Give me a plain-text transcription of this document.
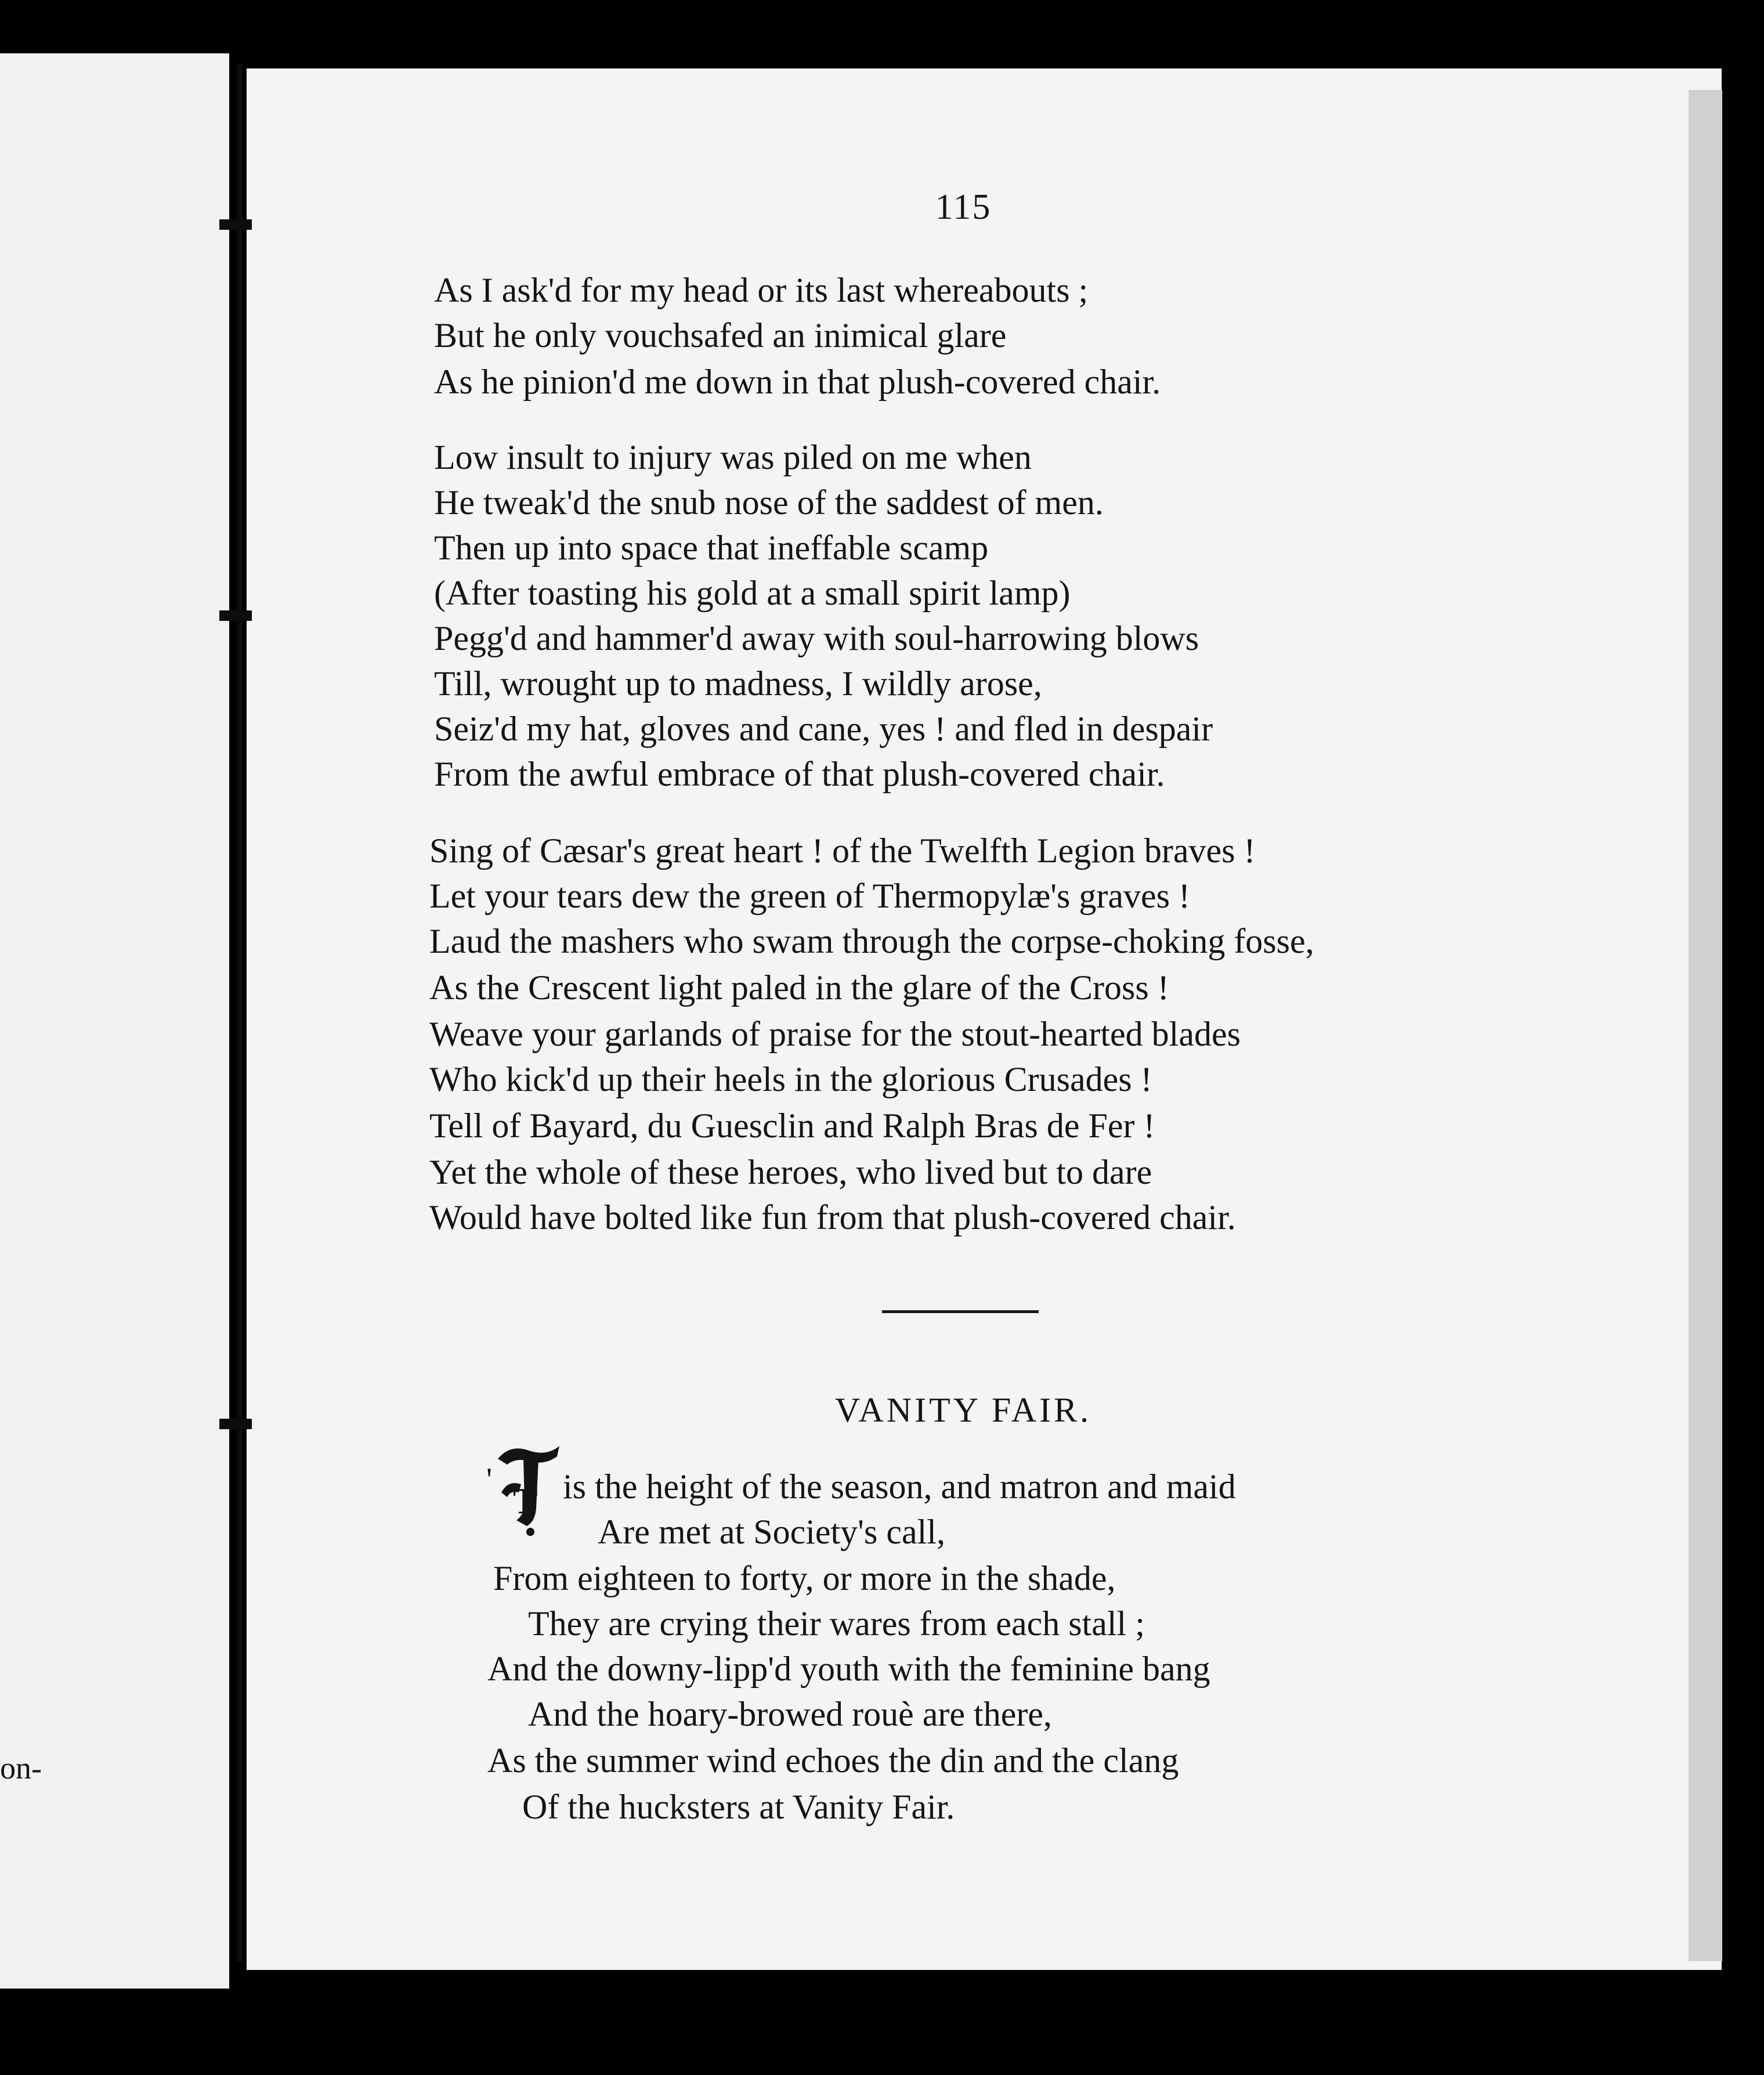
on-
115
As I ask'd for my head or its last whereabouts ;
But he only vouchsafed an inimical glare
As he pinion'd me down in that plush-covered chair.
Low insult to injury was piled on me when
He tweak'd the snub nose of the saddest of men.
Then up into space that ineffable scamp
(After toasting his gold at a small spirit lamp)
Pegg'd and hammer'd away with soul-harrowing blows
Till, wrought up to madness, I wildly arose,
Seiz'd my hat, gloves and cane, yes ! and fled in despair
From the awful embrace of that plush-covered chair.
Sing of Cæsar's great heart ! of the Twelfth Legion braves !
Let your tears dew the green of Thermopylæ's graves !
Laud the mashers who swam through the corpse-choking fosse,
As the Crescent light paled in the glare of the Cross !
Weave your garlands of praise for the stout-hearted blades
Who kick'd up their heels in the glorious Crusades !
Tell of Bayard, du Guesclin and Ralph Bras de Fer !
Yet the whole of these heroes, who lived but to dare
Would have bolted like fun from that plush-covered chair.
VANITY FAIR.
'
T is the height of the season, and matron and maid
Are met at Society's call,
From eighteen to forty, or more in the shade,
They are crying their wares from each stall ;
And the downy-lipp'd youth with the feminine bang
And the hoary-browed rouè are there,
As the summer wind echoes the din and the clang
Of the hucksters at Vanity Fair.
